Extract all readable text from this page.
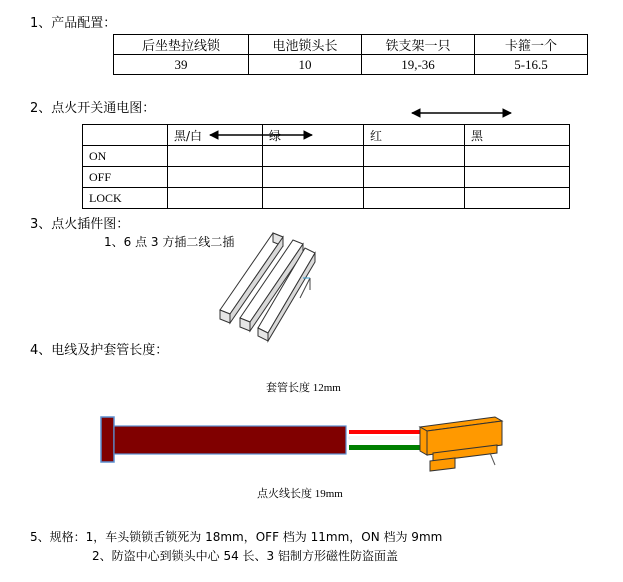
1、产品配置：
后坐垫拉线锁	电池锁头长	铁支架一只	卡箍一个
39	10	19,-36	5-16.5
2、点火开关通电图：
	黑/白	绿	红	黑
ON				
OFF				
LOCK				
3、点火插件图：
1、6 点 3 方插二线二插
4、电线及护套管长度：
套管长度 12mm
点火线长度 19mm
5、规格：1，车头锁锁舌锁死为 18mm，OFF 档为 11mm，ON 档为 9mm
2、防盗中心到锁头中心 54 长、3 铝制方形磁性防盗面盖
